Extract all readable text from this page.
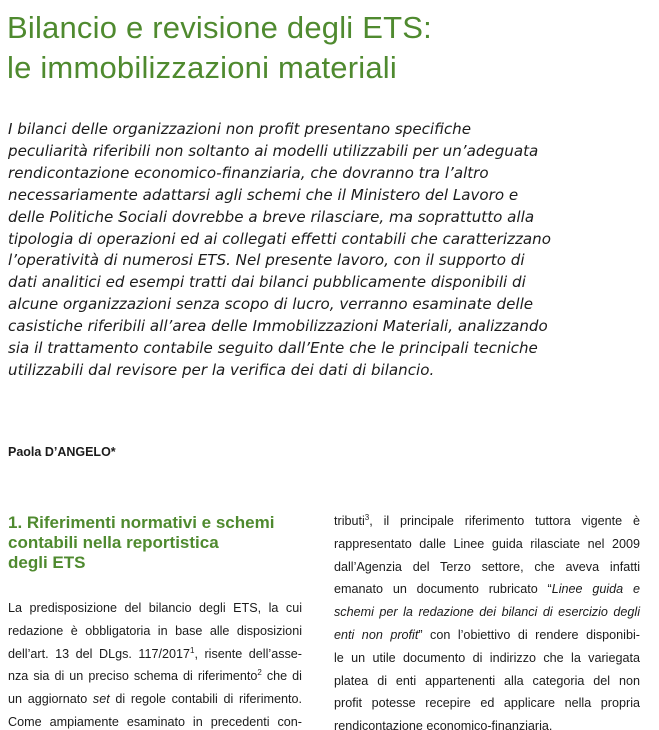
Bilancio e revisione degli ETS:
le immobilizzazioni materiali
I bilanci delle organizzazioni non profit presentano specifiche
peculiarità riferibili non soltanto ai modelli utilizzabili per un’adeguata
rendicontazione economico-finanziaria, che dovranno tra l’altro
necessariamente adattarsi agli schemi che il Ministero del Lavoro e
delle Politiche Sociali dovrebbe a breve rilasciare, ma soprattutto alla
tipologia di operazioni ed ai collegati effetti contabili che caratterizzano
l’operatività di numerosi ETS. Nel presente lavoro, con il supporto di
dati analitici ed esempi tratti dai bilanci pubblicamente disponibili di
alcune organizzazioni senza scopo di lucro, verranno esaminate delle
casistiche riferibili all’area delle Immobilizzazioni Materiali, analizzando
sia il trattamento contabile seguito dall’Ente che le principali tecniche
utilizzabili dal revisore per la verifica dei dati di bilancio.
Paola D’ANGELO*
1. Riferimenti normativi e schemi
contabili nella reportistica
degli ETS
La predisposizione del bilancio degli ETS, la cui
redazione è obbligatoria in base alle disposizioni
dell’art. 13 del DLgs. 117/2017$^1$, risente dell’asse-
nza sia di un preciso schema di riferimento$^2$ che di
un aggiornato set di regole contabili di riferimento.
Come ampiamente esaminato in precedenti con-
tributi$^3$, il principale riferimento tuttora vigente è
rappresentato dalle Linee guida rilasciate nel 2009
dall’Agenzia del Terzo settore, che aveva infatti
emanato un documento rubricato “Linee guida e
schemi per la redazione dei bilanci di esercizio degli
enti non profit” con l’obiettivo di rendere disponibi-
le un utile documento di indirizzo che la variegata
platea di enti appartenenti alla categoria del non
profit potesse recepire ed applicare nella propria
rendicontazione economico-finanziaria.
